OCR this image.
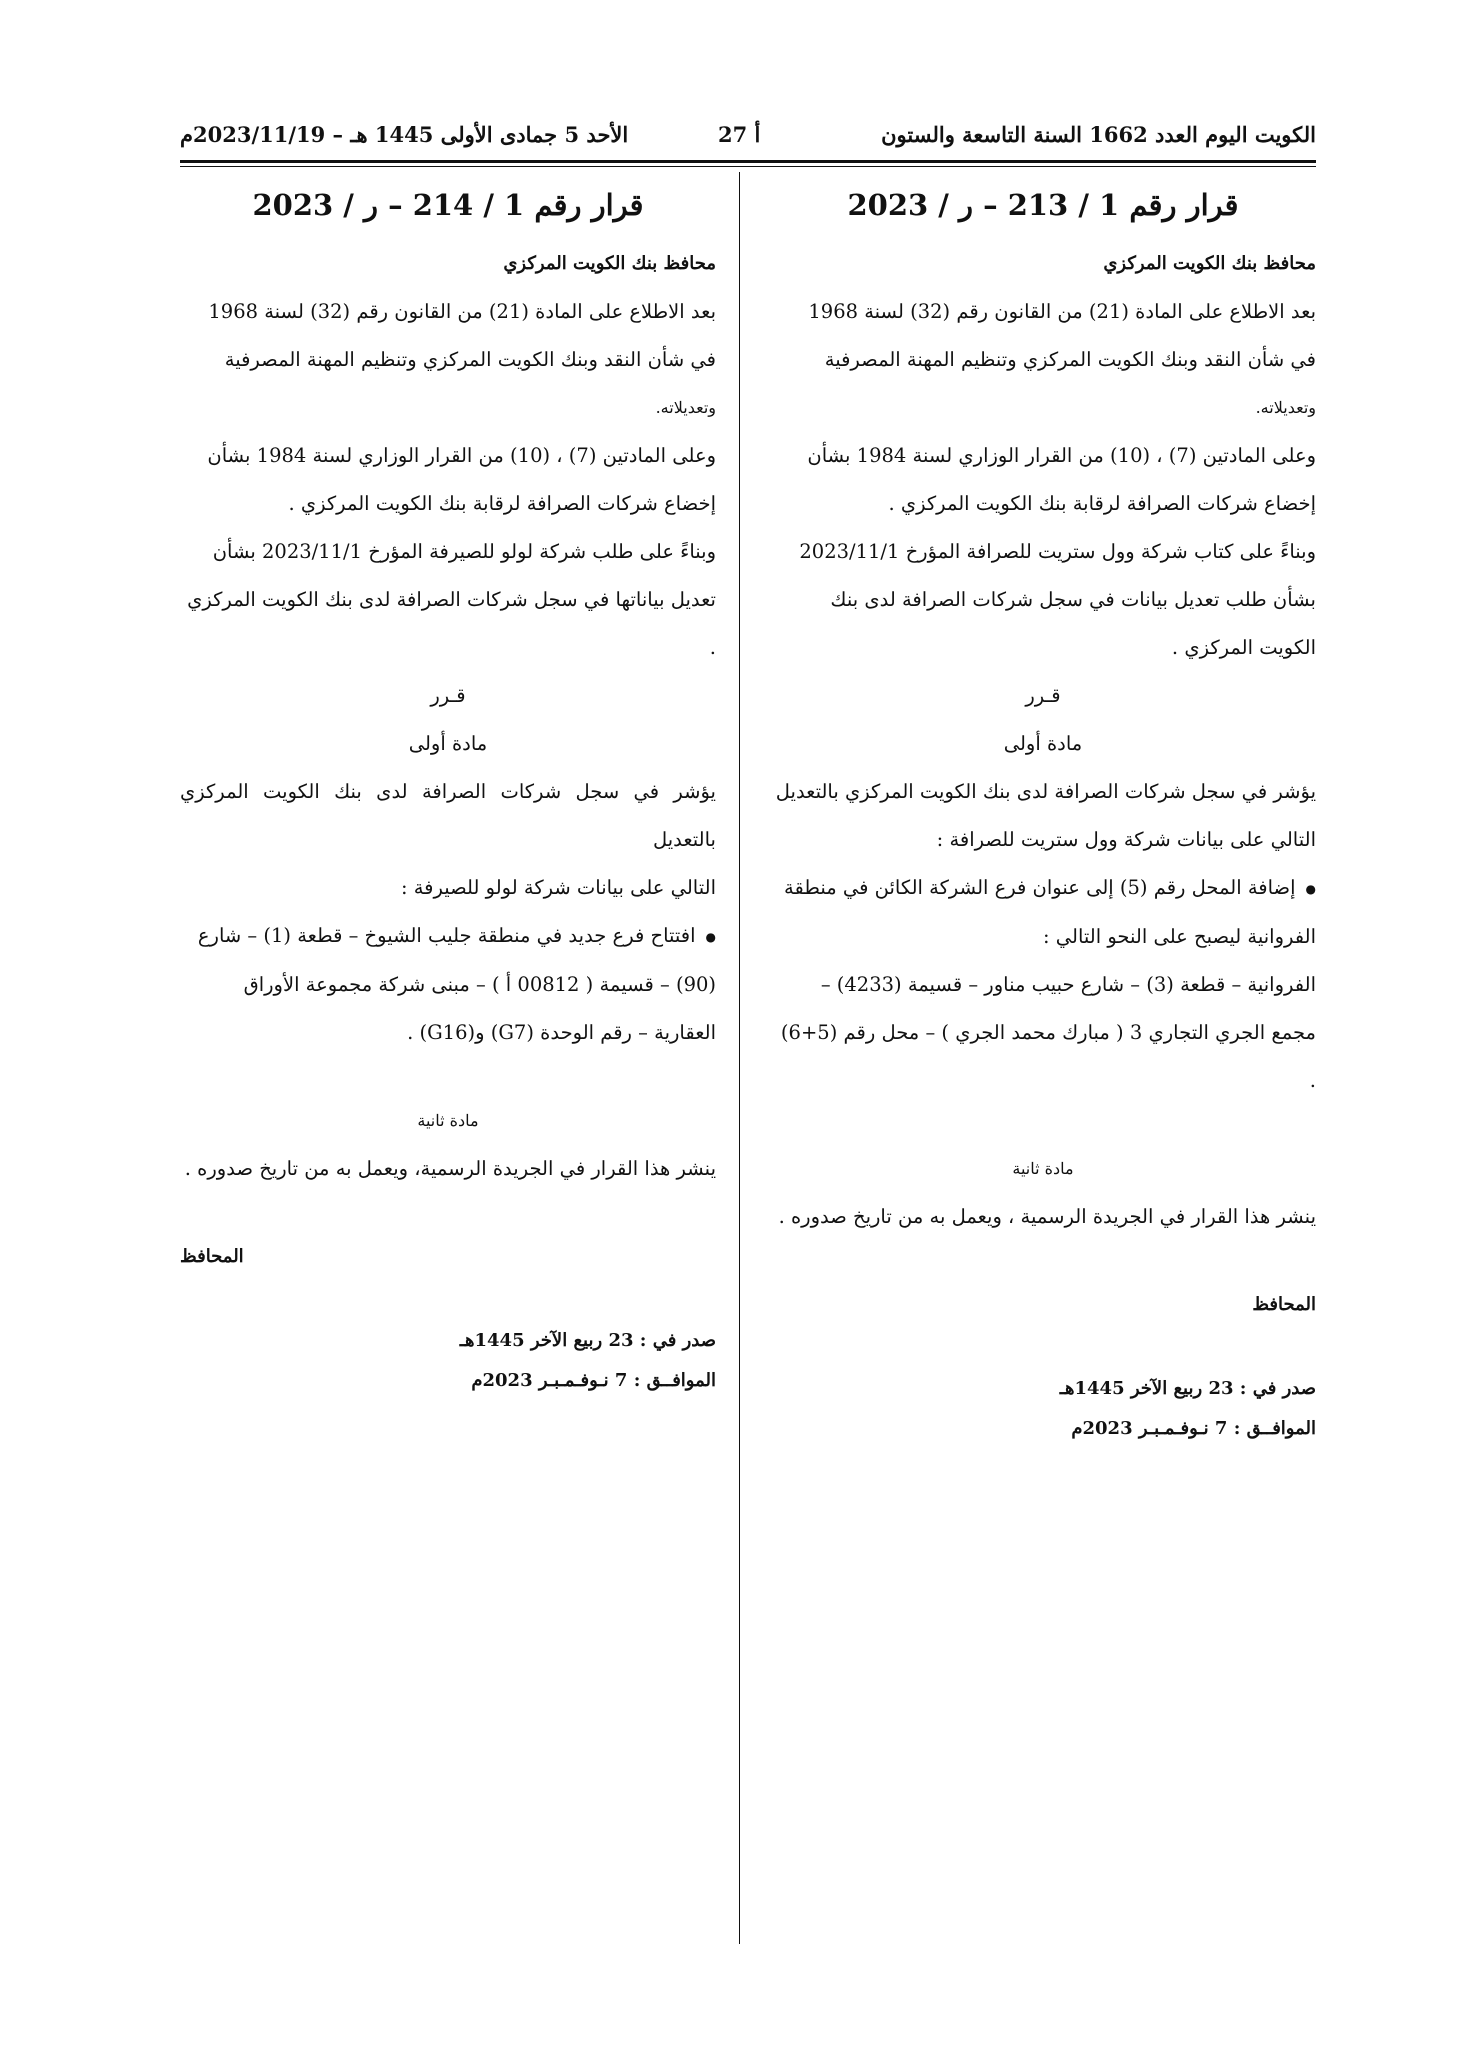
الكويت اليوم العدد 1662 السنة التاسعة والستون
أ 27
الأحد 5 جمادى الأولى 1445 هـ – 2023/11/19م

قرار رقم 1 / 213 – ر / 2023

محافظ بنك الكويت المركزي

بعد الاطلاع على المادة (21) من القانون رقم (32) لسنة 1968

في شأن النقد وبنك الكويت المركزي وتنظيم المهنة المصرفية

وتعديلاته.

وعلى المادتين (7) ، (10) من القرار الوزاري لسنة 1984 بشأن

إخضاع شركات الصرافة لرقابة بنك الكويت المركزي .

وبناءً على كتاب شركة وول ستريت للصرافة المؤرخ 2023/11/1

بشأن طلب تعديل بيانات في سجل شركات الصرافة لدى بنك

الكويت المركزي .

قـرر

مادة أولى

يؤشر في سجل شركات الصرافة لدى بنك الكويت المركزي بالتعديل

التالي على بيانات شركة وول ستريت للصرافة :

● إضافة المحل رقم (5) إلى عنوان فرع الشركة الكائن في منطقة

الفروانية ليصبح على النحو التالي :

الفروانية – قطعة (3) – شارع حبيب مناور – قسيمة (4233) –

مجمع الجري التجاري 3 ( مبارك محمد الجري ) – محل رقم (5+6) .

مادة ثانية

ينشر هذا القرار في الجريدة الرسمية ، ويعمل به من تاريخ صدوره .

المحافظ

صدر في : 23 ربيع الآخر 1445هـ

الموافــق : 7 نـوفـمـبـر 2023م

قرار رقم 1 / 214 – ر / 2023

محافظ بنك الكويت المركزي

بعد الاطلاع على المادة (21) من القانون رقم (32) لسنة 1968

في شأن النقد وبنك الكويت المركزي وتنظيم المهنة المصرفية

وتعديلاته.

وعلى المادتين (7) ، (10) من القرار الوزاري لسنة 1984 بشأن

إخضاع شركات الصرافة لرقابة بنك الكويت المركزي .

وبناءً على طلب شركة لولو للصيرفة المؤرخ 2023/11/1 بشأن

تعديل بياناتها في سجل شركات الصرافة لدى بنك الكويت المركزي .

قـرر

مادة أولى

يؤشر في سجل شركات الصرافة لدى بنك الكويت المركزي بالتعديل

التالي على بيانات شركة لولو للصيرفة :

● افتتاح فرع جديد في منطقة جليب الشيوخ – قطعة (1) – شارع

(90) – قسيمة ( 00812 أ ) – مبنى شركة مجموعة الأوراق

العقارية – رقم الوحدة (G7) و(G16) .

مادة ثانية

ينشر هذا القرار في الجريدة الرسمية، ويعمل به من تاريخ صدوره .

المحافظ

صدر في : 23 ربيع الآخر 1445هـ

الموافــق : 7 نـوفـمـبـر 2023م
